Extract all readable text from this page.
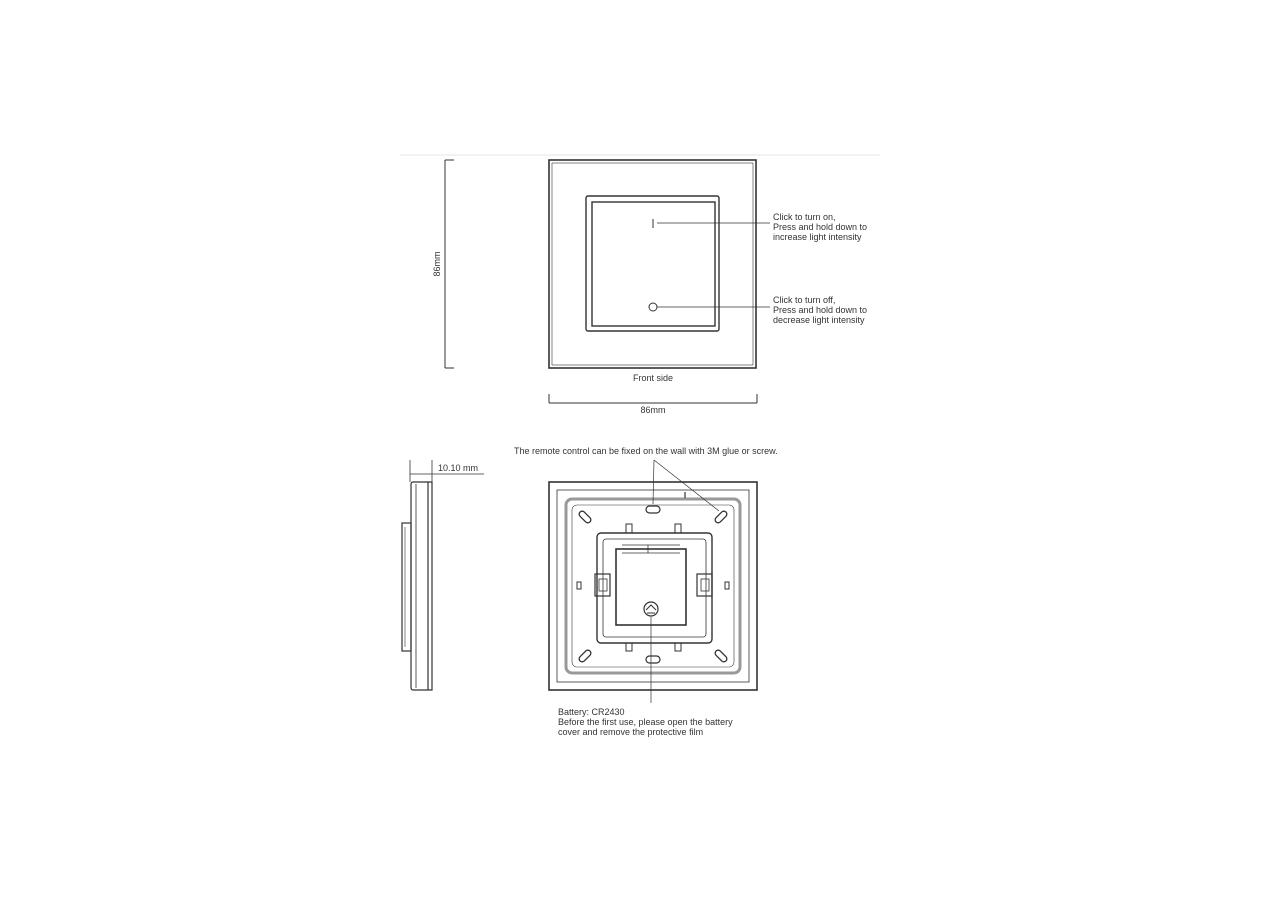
86mm
Click to turn on,
Press and hold down to
increase light intensity
Click to turn off,
Press and hold down to
decrease light intensity
Front side
86mm
The remote control can be fixed on the wall with 3M glue or screw.
10.10 mm
Battery: CR2430
Before the first use, please open the battery
cover and remove the protective film
